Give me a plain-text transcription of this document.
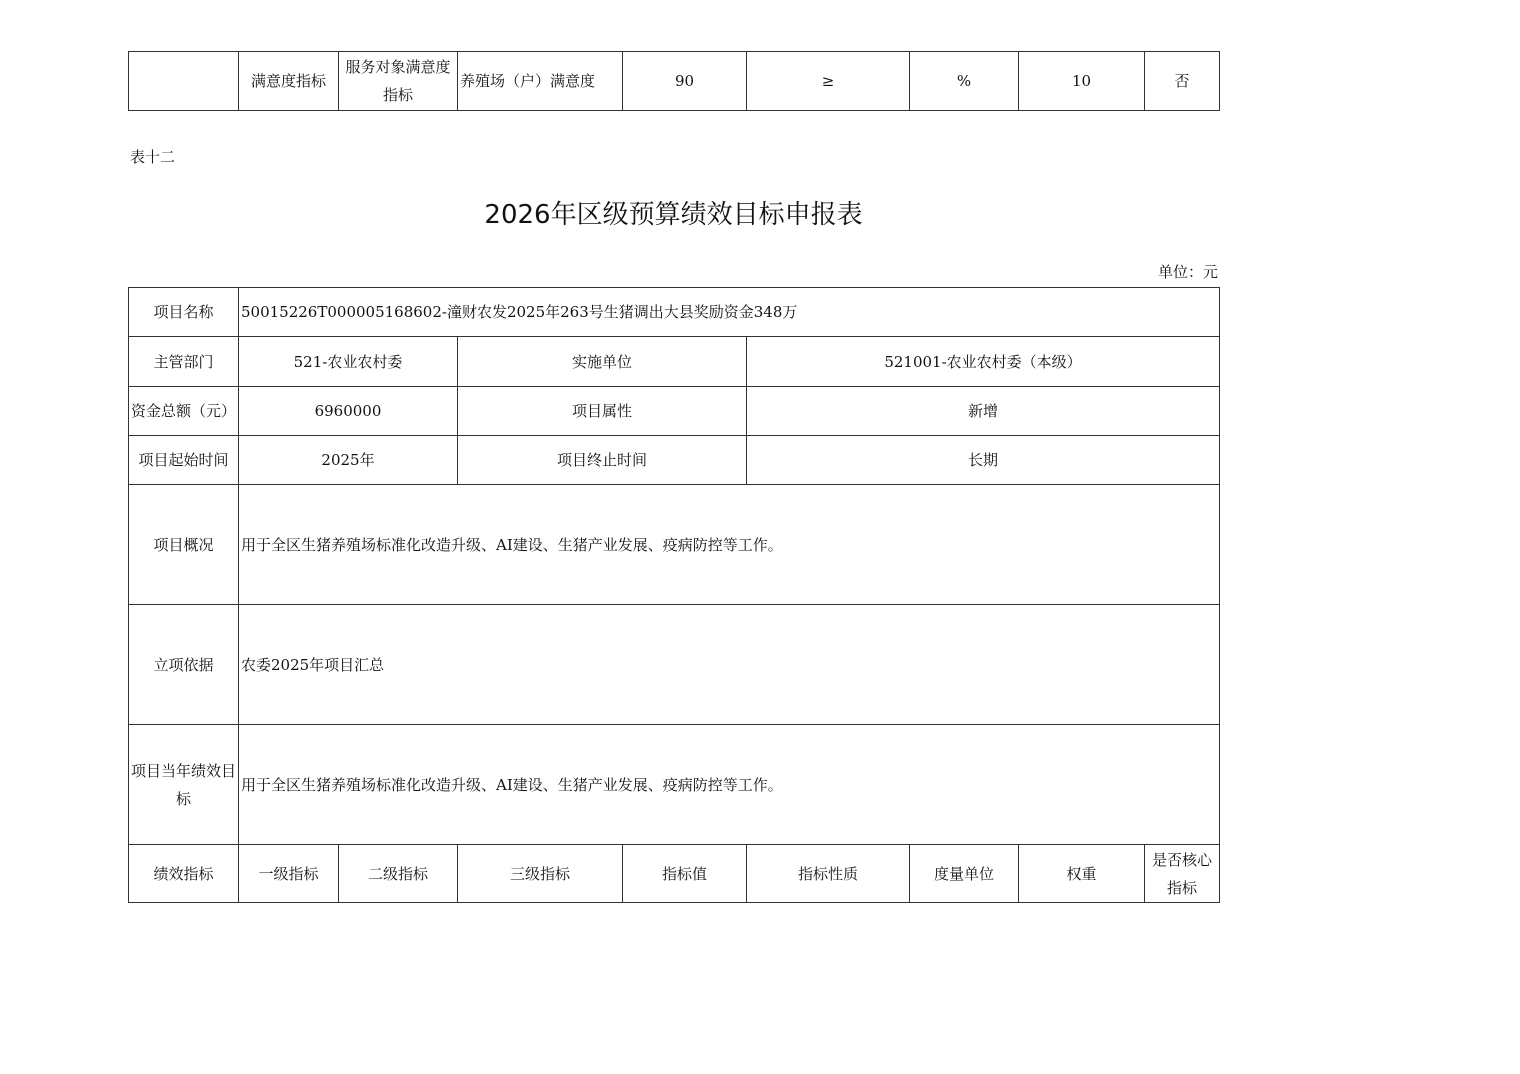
	满意度指标	服务对象满意度指标	养殖场（户）满意度	90	≥	%	10	否
表十二
2026年区级预算绩效目标申报表
单位：元
项目名称	50015226T000005168602-潼财农发2025年263号生猪调出大县奖励资金348万							
主管部门	521-农业农村委		实施单位		521001-农业农村委（本级）			
资金总额（元）	6960000		项目属性		新增			
项目起始时间	2025年		项目终止时间		长期			
项目概况	用于全区生猪养殖场标准化改造升级、AI建设、生猪产业发展、疫病防控等工作。							
立项依据	农委2025年项目汇总							
项目当年绩效目标	用于全区生猪养殖场标准化改造升级、AI建设、生猪产业发展、疫病防控等工作。							
绩效指标	一级指标	二级指标	三级指标	指标值	指标性质	度量单位	权重	是否核心指标
